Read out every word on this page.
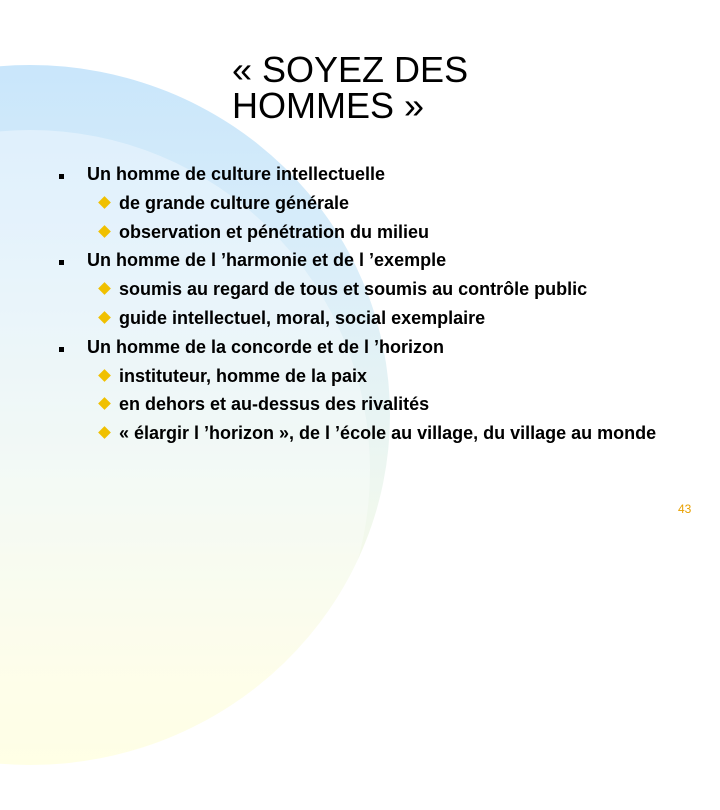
« SOYEZ DES
HOMMES »
Un homme de culture intellectuelle
de grande culture générale
observation et pénétration du milieu
Un homme de l ’harmonie et de l ’exemple
soumis au regard de tous et soumis au contrôle public
guide intellectuel, moral, social exemplaire
Un homme de la concorde et de l ’horizon
instituteur, homme de la paix
en dehors et au-dessus des rivalités
« élargir l ’horizon », de l ’école au village, du village au monde
43
